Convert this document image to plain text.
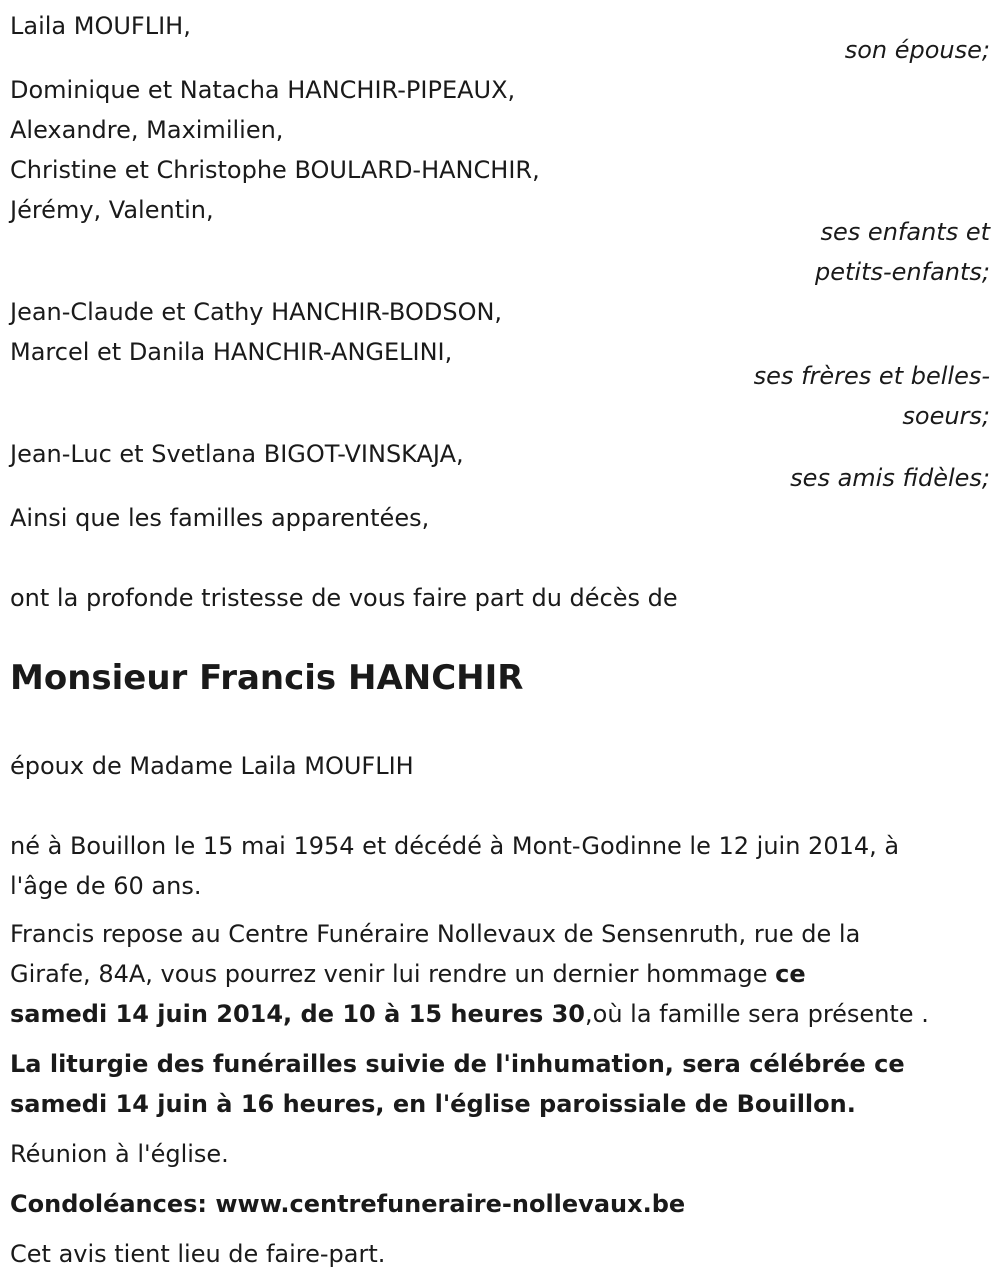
Laila MOUFLIH,
son épouse;
Dominique et Natacha HANCHIR-PIPEAUX,
Alexandre, Maximilien,
Christine et Christophe BOULARD-HANCHIR,
Jérémy, Valentin,
ses enfants et
petits-enfants;
Jean-Claude et Cathy HANCHIR-BODSON,
Marcel et Danila HANCHIR-ANGELINI,
ses frères et belles-
soeurs;
Jean-Luc et Svetlana BIGOT-VINSKAJA,
ses amis fidèles;
Ainsi que les familles apparentées,
ont la profonde tristesse de vous faire part du décès de
Monsieur Francis HANCHIR
époux de Madame Laila MOUFLIH
né à Bouillon le 15 mai 1954 et décédé à Mont-Godinne le 12 juin 2014, à
l'âge de 60 ans.
Francis repose au Centre Funéraire Nollevaux de Sensenruth, rue de la
Girafe, 84A, vous pourrez venir lui rendre un dernier hommage ce
samedi 14 juin 2014, de 10 à 15 heures 30,où la famille sera présente .
La liturgie des funérailles suivie de l'inhumation, sera célébrée ce
samedi 14 juin à 16 heures, en l'église paroissiale de Bouillon.
Réunion à l'église.
Condoléances: www.centrefuneraire-nollevaux.be
Cet avis tient lieu de faire-part.
